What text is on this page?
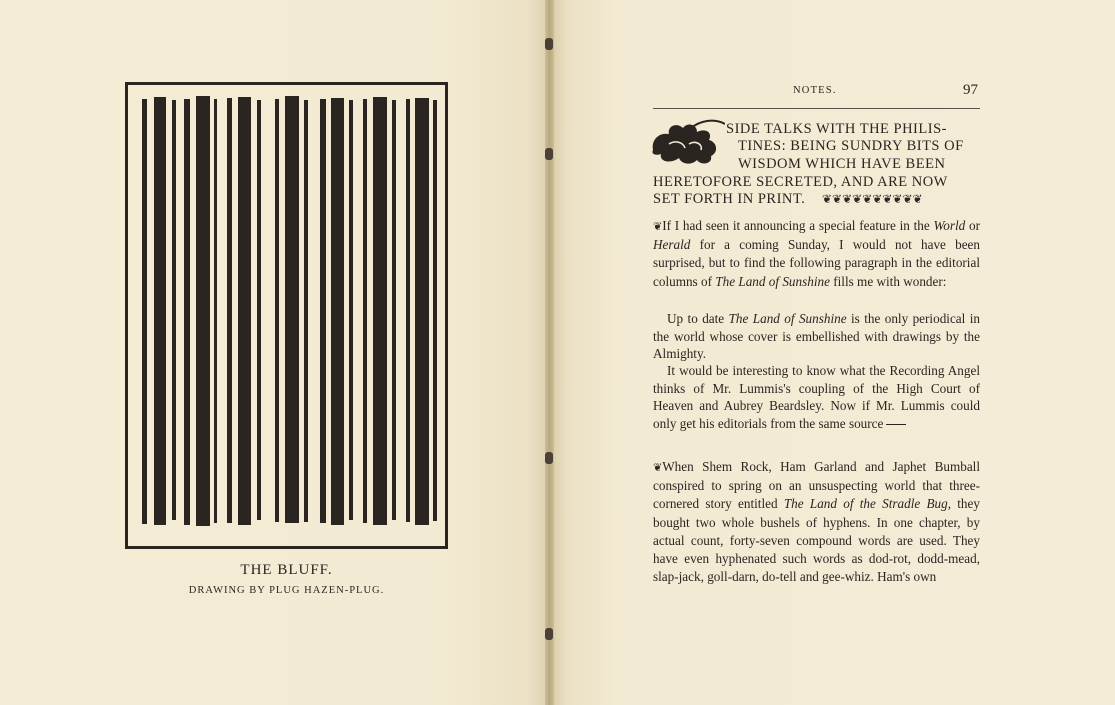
THE BLUFF.
DRAWING BY PLUG HAZEN-PLUG.
NOTES.	97
SIDE TALKS WITH THE PHILIS-
TINES: BEING SUNDRY BITS OF
WISDOM WHICH HAVE BEEN
HERETOFORE SECRETED, AND ARE NOW
SET FORTH IN PRINT. ❦❦❦❦❦❦❦❦❦❦
❦If I had seen it announcing a special feature in the World or Herald for a coming Sunday, I would not have been surprised, but to find the following paragraph in the editorial columns of The Land of Sunshine fills me with wonder:
Up to date The Land of Sunshine is the only periodical in the world whose cover is embellished with drawings by the Almighty.
It would be interesting to know what the Recording Angel thinks of Mr. Lummis's coupling of the High Court of Heaven and Aubrey Beardsley. Now if Mr. Lummis could only get his editorials from the same source
❦When Shem Rock, Ham Garland and Japhet Bumball conspired to spring on an unsuspecting world that three-cornered story entitled The Land of the Stradle Bug, they bought two whole bushels of hyphens. In one chapter, by actual count, forty-seven compound words are used. They have even hyphenated such words as dod-rot, dodd-mead, slap-jack, goll-darn, do-tell and gee-whiz. Ham's own
